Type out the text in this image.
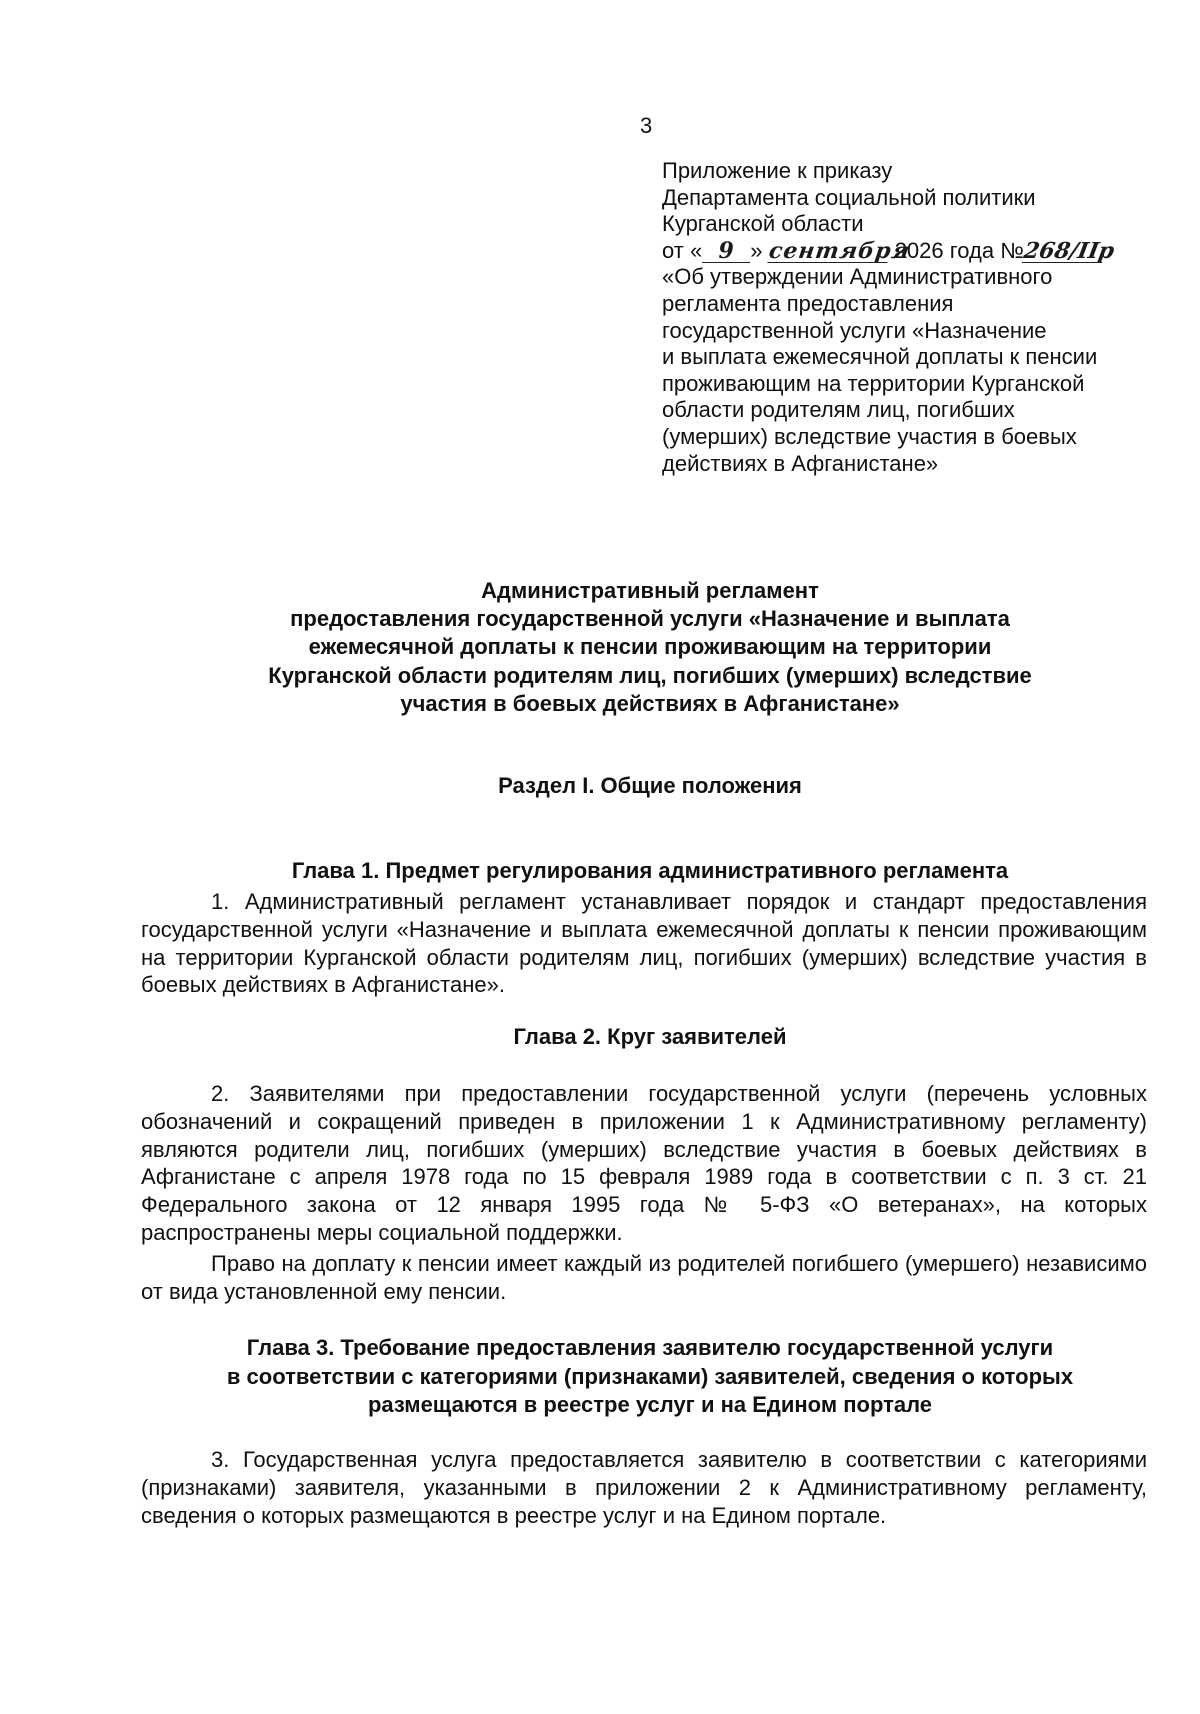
3
Приложение к приказу
Департамента социальной политики
Курганской области
от « 9 » сентября 2026 года №268/ІІр
«Об утверждении Административного
регламента предоставления
государственной услуги «Назначение
и выплата ежемесячной доплаты к пенсии
проживающим на территории Курганской
области родителям лиц, погибших
(умерших) вследствие участия в боевых
действиях в Афганистане»
Административный регламент
предоставления государственной услуги «Назначение и выплата
ежемесячной доплаты к пенсии проживающим на территории
Курганской области родителям лиц, погибших (умерших) вследствие
участия в боевых действиях в Афганистане»
Раздел I. Общие положения
Глава 1. Предмет регулирования административного регламента
1. Административный регламент устанавливает порядок и стандарт предоставления государственной услуги «Назначение и выплата ежемесячной доплаты к пенсии проживающим на территории Курганской области родителям лиц, погибших (умерших) вследствие участия в боевых действиях в Афганистане».
Глава 2. Круг заявителей
2. Заявителями при предоставлении государственной услуги (перечень условных обозначений и сокращений приведен в приложении 1 к Административному регламенту) являются родители лиц, погибших (умерших) вследствие участия в боевых действиях в Афганистане с апреля 1978 года по 15 февраля 1989 года в соответствии с п. 3 ст. 21 Федерального закона от 12 января 1995 года № 5-ФЗ «О ветеранах», на которых распространены меры социальной поддержки.
Право на доплату к пенсии имеет каждый из родителей погибшего (умершего) независимо от вида установленной ему пенсии.
Глава 3. Требование предоставления заявителю государственной услуги
в соответствии с категориями (признаками) заявителей, сведения о которых
размещаются в реестре услуг и на Едином портале
3. Государственная услуга предоставляется заявителю в соответствии с категориями (признаками) заявителя, указанными в приложении 2 к Административному регламенту, сведения о которых размещаются в реестре услуг и на Едином портале.
